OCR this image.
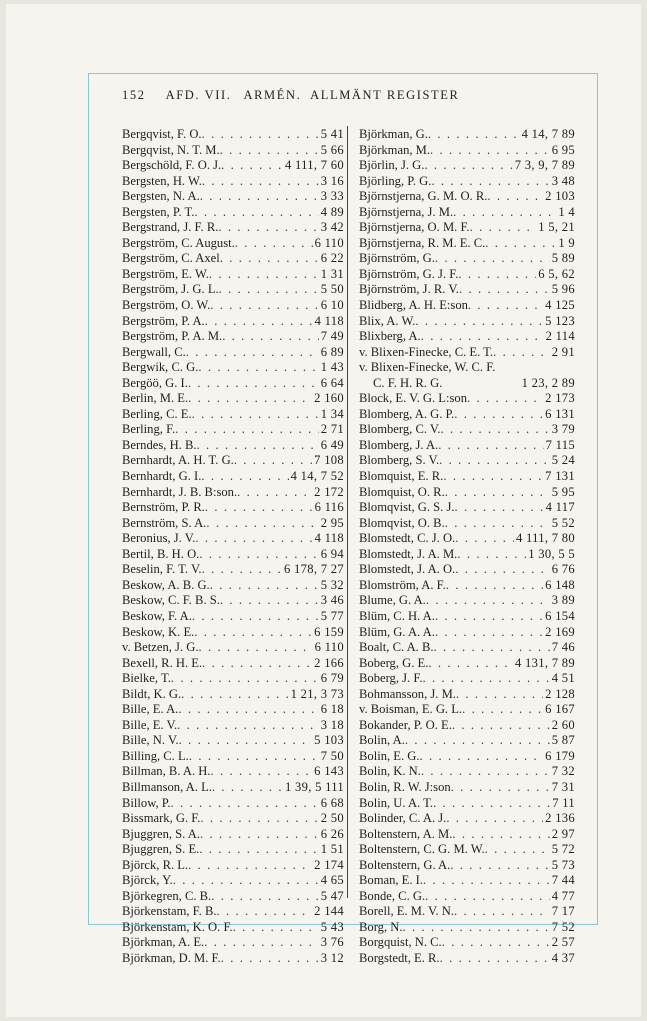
152 AFD. VII. ARMÉN.  ALLMÄNT REGISTER
Bergqvist, F. O. . . .	5 41
Bergqvist, N. T. M. . . .	5 66
Bergschöld, F. O. J. . . .	4 111, 7 60
Bergsten, H. W. . . .	3 16
Bergsten, N. A. . . .	3 33
Bergsten, P. T. . . .	4 89
Bergstrand, J. F. R. . . .	3 42
Bergström, C. August. . . .	6 110
Bergström, C. Axel . . .	6 22
Bergström, E. W. . . .	1 31
Bergström, J. G. L. . . .	5 50
Bergström, O. W. . . .	6 10
Bergström, P. A. . . .	4 118
Bergström, P. A. M. . . .	7 49
Bergwall, C. . . .	6 89
Bergwik, C. G. . . .	1 43
Bergöö, G. I. . . .	6 64
Berlin, M. E. . . .	2 160
Berling, C. E. . . .	1 34
Berling, F. . . .	2 71
Berndes, H. B. . . .	6 49
Bernhardt, A. H. T. G. . . .	7 108
Bernhardt, G. I. . . .	4 14, 7 52
Bernhardt, J. B. B:son. . . .	2 172
Bernström, P. R. . . .	6 116
Bernström, S. A. . . .	2 95
Beronius, J. V. . . .	4 118
Bertil, B. H. O. . . .	6 94
Beselin, F. T. V. . . .	6 178, 7 27
Beskow, A. B. G. . . .	5 32
Beskow, C. F. B. S. . . .	3 46
Beskow, F. A. . . .	5 77
Beskow, K. E. . . .	6 159
v. Betzen, J. G. . . .	6 110
Bexell, R. H. E. . . .	2 166
Bielke, T. . . .	6 79
Bildt, K. G. . . .	1 21, 3 73
Bille, E. A. . . .	6 18
Bille, E. V. . . .	3 18
Bille, N. V. . . .	5 103
Billing, C. L. . . .	7 50
Billman, B. A. H. . . .	6 143
Billmanson, A. L. . . .	1 39, 5 111
Billow, P. . . .	6 68
Bissmark, G. F. . . .	2 50
Bjuggren, S. A. . . .	6 26
Bjuggren, S. E. . . .	1 51
Björck, R. L. . . .	2 174
Björck, Y. . . .	4 65
Björkegren, C. B. . . .	5 47
Björkenstam, F. B. . . .	2 144
Björkenstam, K. O. F. . . .	5 43
Björkman, A. E. . . .	3 76
Björkman, D. M. F. . . .	3 12
Björkman, G. . . .	4 14, 7 89
Björkman, M. . . .	6 95
Björlin, J. G. . . .	7 3, 9, 7 89
Björling, P. G. . . .	3 48
Björnstjerna, G. M. O. R. . . .	2 103
Björnstjerna, J. M. . . .	1 4
Björnstjerna, O. M. F. . . .	1 5, 21
Björnstjerna, R. M. E. C. . . .	1 9
Björnström, G. . . .	5 89
Björnström, G. J. F. . . .	6 5, 62
Björnström, J. R. V. . . .	5 96
Blidberg, A. H. E:son . . .	4 125
Blix, A. W. . . .	5 123
Blixberg, A. . . .	2 114
v. Blixen-Finecke, C. E. T. . . .	2 91
v. Blixen-Finecke, W. C. F.
C. F. H. R. G.	1 23, 2 89
Block, E. V. G. L:son . . .	2 173
Blomberg, A. G. P. . . .	6 131
Blomberg, C. V. . . .	3 79
Blomberg, J. A. . . .	7 115
Blomberg, S. V. . . .	5 24
Blomquist, E. R. . . .	7 131
Blomquist, O. R. . . .	5 95
Blomqvist, G. S. J. . . .	4 117
Blomqvist, O. B. . . .	5 52
Blomstedt, C. J. O. . . .	4 111, 7 80
Blomstedt, J. A. M. . . .	1 30, 5 5
Blomstedt, J. A. O. . . .	6 76
Blomström, A. F. . . .	6 148
Blume, G. A. . . .	3 89
Blüm, C. H. A. . . .	6 154
Blüm, G. A. A. . . .	2 169
Boalt, C. A. B. . . .	7 46
Boberg, G. E. . . .	4 131, 7 89
Boberg, J. F. . . .	4 51
Bohmansson, J. M. . . .	2 128
v. Boisman, E. G. L. . . .	6 167
Bokander, P. O. E. . . .	2 60
Bolin, A. . . .	5 87
Bolin, E. G. . . .	6 179
Bolin, K. N. . . .	7 32
Bolin, R. W. J:son . . .	7 31
Bolin, U. A. T. . . .	7 11
Bolinder, C. A. J. . . .	2 136
Boltenstern, A. M. . . .	2 97
Boltenstern, C. G. M. W. . . .	5 72
Boltenstern, G. A. . . .	5 73
Boman, E. I. . . .	7 44
Bonde, C. G. . . .	4 77
Borell, E. M. V. N. . . .	7 17
Borg, N. . . .	7 52
Borgquist, N. C. . . .	2 57
Borgstedt, E. R. . . .	4 37
